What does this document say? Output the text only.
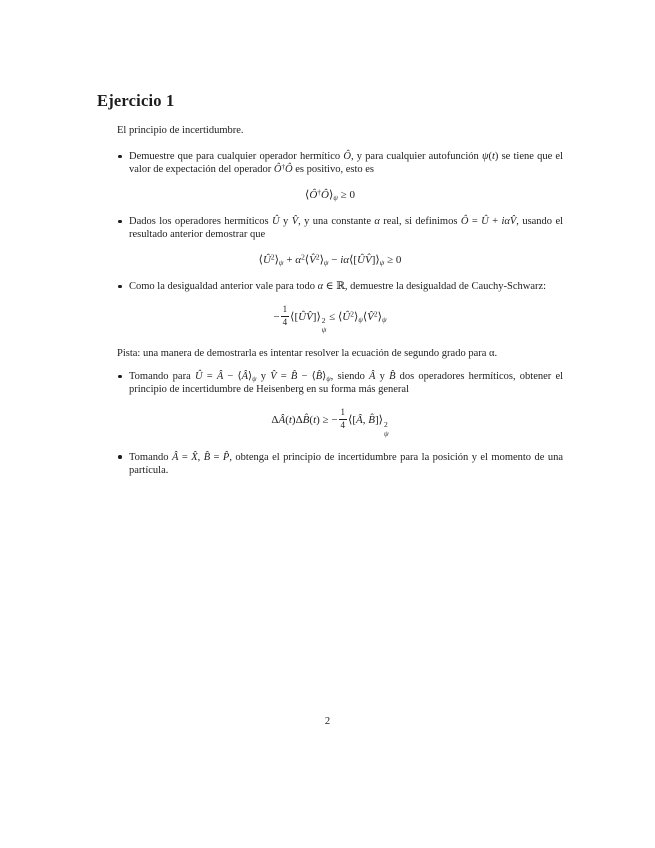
Ejercicio 1

El principio de incertidumbre.

Demuestre que para cualquier operador hermítico Ô, y para cualquier autofunción ψ(t) se tiene que el valor de expectación del operador Ô†Ô es positivo, esto es

$⟨Ô^\dagger Ô⟩_\psi \ge 0$

Dados los operadores hermíticos Û y V̂, y una constante α real, si definimos Ô = Û + iαV̂, usando el resultado anterior demostrar que

$⟨Û^2⟩_\psi$ + $\alpha^2⟨V̂^2⟩_\psi$ − $i\alpha⟨[ÛV̂]⟩_\psi \ge 0$

Como la desigualdad anterior vale para todo α ∈ ℝ, demuestre la desigualdad de Cauchy-Schwarz:

− $\frac{1}{4}$ ⟨[ÛV̂]⟩ 2
ψ
≤ $⟨Û^2⟩_\psi⟨V̂^2⟩_\psi$

Pista: una manera de demostrarla es intentar resolver la ecuación de segundo grado para α.

Tomando para Û = Â − $⟨Â⟩_\psi$ y V̂ = B̂ − $⟨B̂⟩_\psi$, siendo Â y B̂ dos operadores hermíticos, obtener el principio de incertidumbre de Heisenberg en su forma más general

ΔÂ(t)ΔB̂(t) ≥ − $\frac{1}{4}$ ⟨[Â, B̂]⟩ 2
ψ

Tomando Â = X̂, B̂ = P̂, obtenga el principio de incertidumbre para la posición y el momento de una partícula.

2
